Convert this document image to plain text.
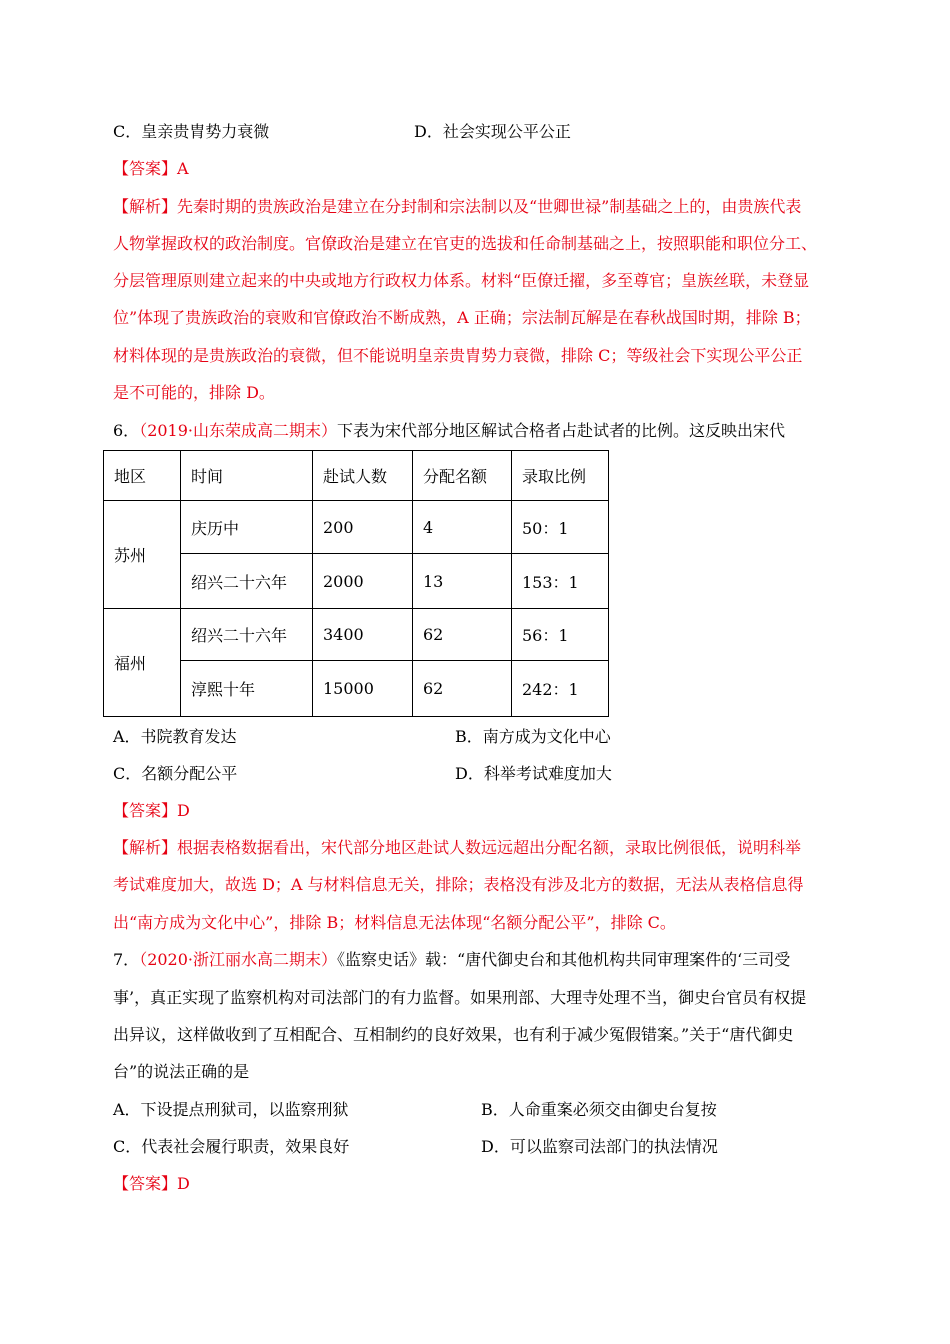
C．皇亲贵胄势力衰微	D．社会实现公平公正
【答案】A
【解析】先秦时期的贵族政治是建立在分封制和宗法制以及“世卿世禄”制基础之上的，由贵族代表
人物掌握政权的政治制度。官僚政治是建立在官吏的选拔和任命制基础之上，按照职能和职位分工、
分层管理原则建立起来的中央或地方行政权力体系。材料“臣僚迁擢，多至尊官；皇族丝联，未登显
位”体现了贵族政治的衰败和官僚政治不断成熟，A 正确；宗法制瓦解是在春秋战国时期，排除 B；
材料体现的是贵族政治的衰微，但不能说明皇亲贵胄势力衰微，排除 C；等级社会下实现公平公正
是不可能的，排除 D。
6．（2019·山东荣成高二期末）下表为宋代部分地区解试合格者占赴试者的比例。这反映出宋代
地区	时间	赴试人数	分配名额	录取比例
苏州	庆历中	200	4	50：1
	绍兴二十六年	2000	13	153：1
福州	绍兴二十六年	3400	62	56：1
	淳熙十年	15000	62	242：1
A．书院教育发达	B．南方成为文化中心
C．名额分配公平	D．科举考试难度加大
【答案】D
【解析】根据表格数据看出，宋代部分地区赴试人数远远超出分配名额，录取比例很低，说明科举
考试难度加大，故选 D；A 与材料信息无关，排除；表格没有涉及北方的数据，无法从表格信息得
出“南方成为文化中心”，排除 B；材料信息无法体现“名额分配公平”，排除 C。
7．（2020·浙江丽水高二期末）《监察史话》载：“唐代御史台和其他机构共同审理案件的‘三司受
事’，真正实现了监察机构对司法部门的有力监督。如果刑部、大理寺处理不当，御史台官员有权提
出异议，这样做收到了互相配合、互相制约的良好效果，也有利于减少冤假错案。”关于“唐代御史
台”的说法正确的是
A．下设提点刑狱司，以监察刑狱	B．人命重案必须交由御史台复按
C．代表社会履行职责，效果良好	D．可以监察司法部门的执法情况
【答案】D
